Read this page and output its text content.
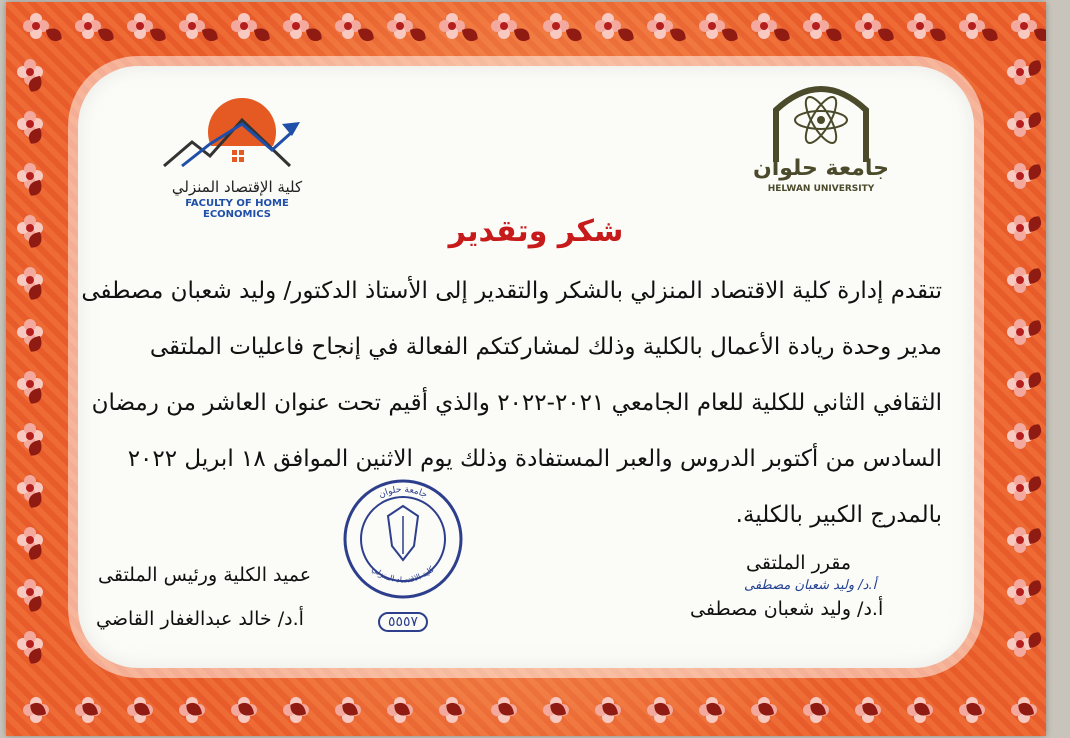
كلية الإقتصاد المنزلي
FACULTY OF HOME ECONOMICS
جامعة حلوان
HELWAN UNIVERSITY
شكر وتقدير
تتقدم إدارة كلية الاقتصاد المنزلي بالشكر والتقدير إلى الأستاذ الدكتور/ وليد شعبان مصطفى
مدير وحدة ريادة الأعمال بالكلية وذلك لمشاركتكم الفعالة في إنجاح فاعليات الملتقى
الثقافي الثاني للكلية للعام الجامعي ٢٠٢١-٢٠٢٢ والذي أقيم تحت عنوان العاشر من رمضان
السادس من أكتوبر الدروس والعبر المستفادة وذلك يوم الاثنين الموافق ١٨ ابريل ٢٠٢٢
بالمدرج الكبير بالكلية.
جامعة حلوان
كلية الاقتصاد المنزلي
٥٥٥٧
عميد الكلية ورئيس الملتقى
أ.د/ خالد عبدالغفار القاضي
مقرر الملتقى
أ.د/ وليد شعبان مصطفى
أ.د/ وليد شعبان مصطفى
